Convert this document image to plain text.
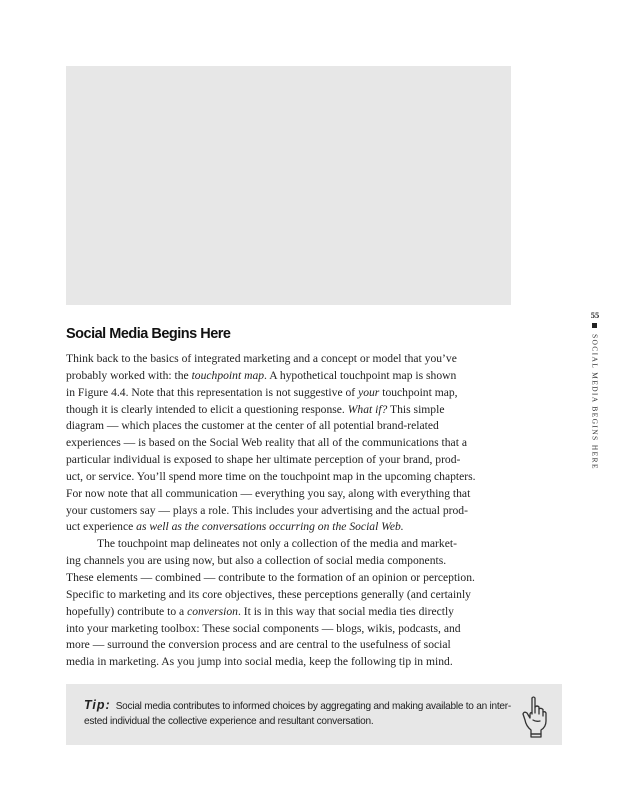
Social Media Begins Here
Think back to the basics of integrated marketing and a concept or model that you’ve
probably worked with: the touchpoint map. A hypothetical touchpoint map is shown
in Figure 4.4. Note that this representation is not suggestive of your touchpoint map,
though it is clearly intended to elicit a questioning response. What if? This simple
diagram — which places the customer at the center of all potential brand-related
experiences — is based on the Social Web reality that all of the communications that a
particular individual is exposed to shape her ultimate perception of your brand, prod-
uct, or service. You’ll spend more time on the touchpoint map in the upcoming chapters.
For now note that all communication — everything you say, along with everything that
your customers say — plays a role. This includes your advertising and the actual prod-
uct experience as well as the conversations occurring on the Social Web.
The touchpoint map delineates not only a collection of the media and market-
ing channels you are using now, but also a collection of social media components.
These elements — combined — contribute to the formation of an opinion or perception.
Specific to marketing and its core objectives, these perceptions generally (and certainly
hopefully) contribute to a conversion. It is in this way that social media ties directly
into your marketing toolbox: These social components — blogs, wikis, podcasts, and
more — surround the conversion process and are central to the usefulness of social
media in marketing. As you jump into social media, keep the following tip in mind.
Tip: Social media contributes to informed choices by aggregating and making available to an inter-
ested individual the collective experience and resultant conversation.
55
SOCIAL MEDIA BEGINS HERE
